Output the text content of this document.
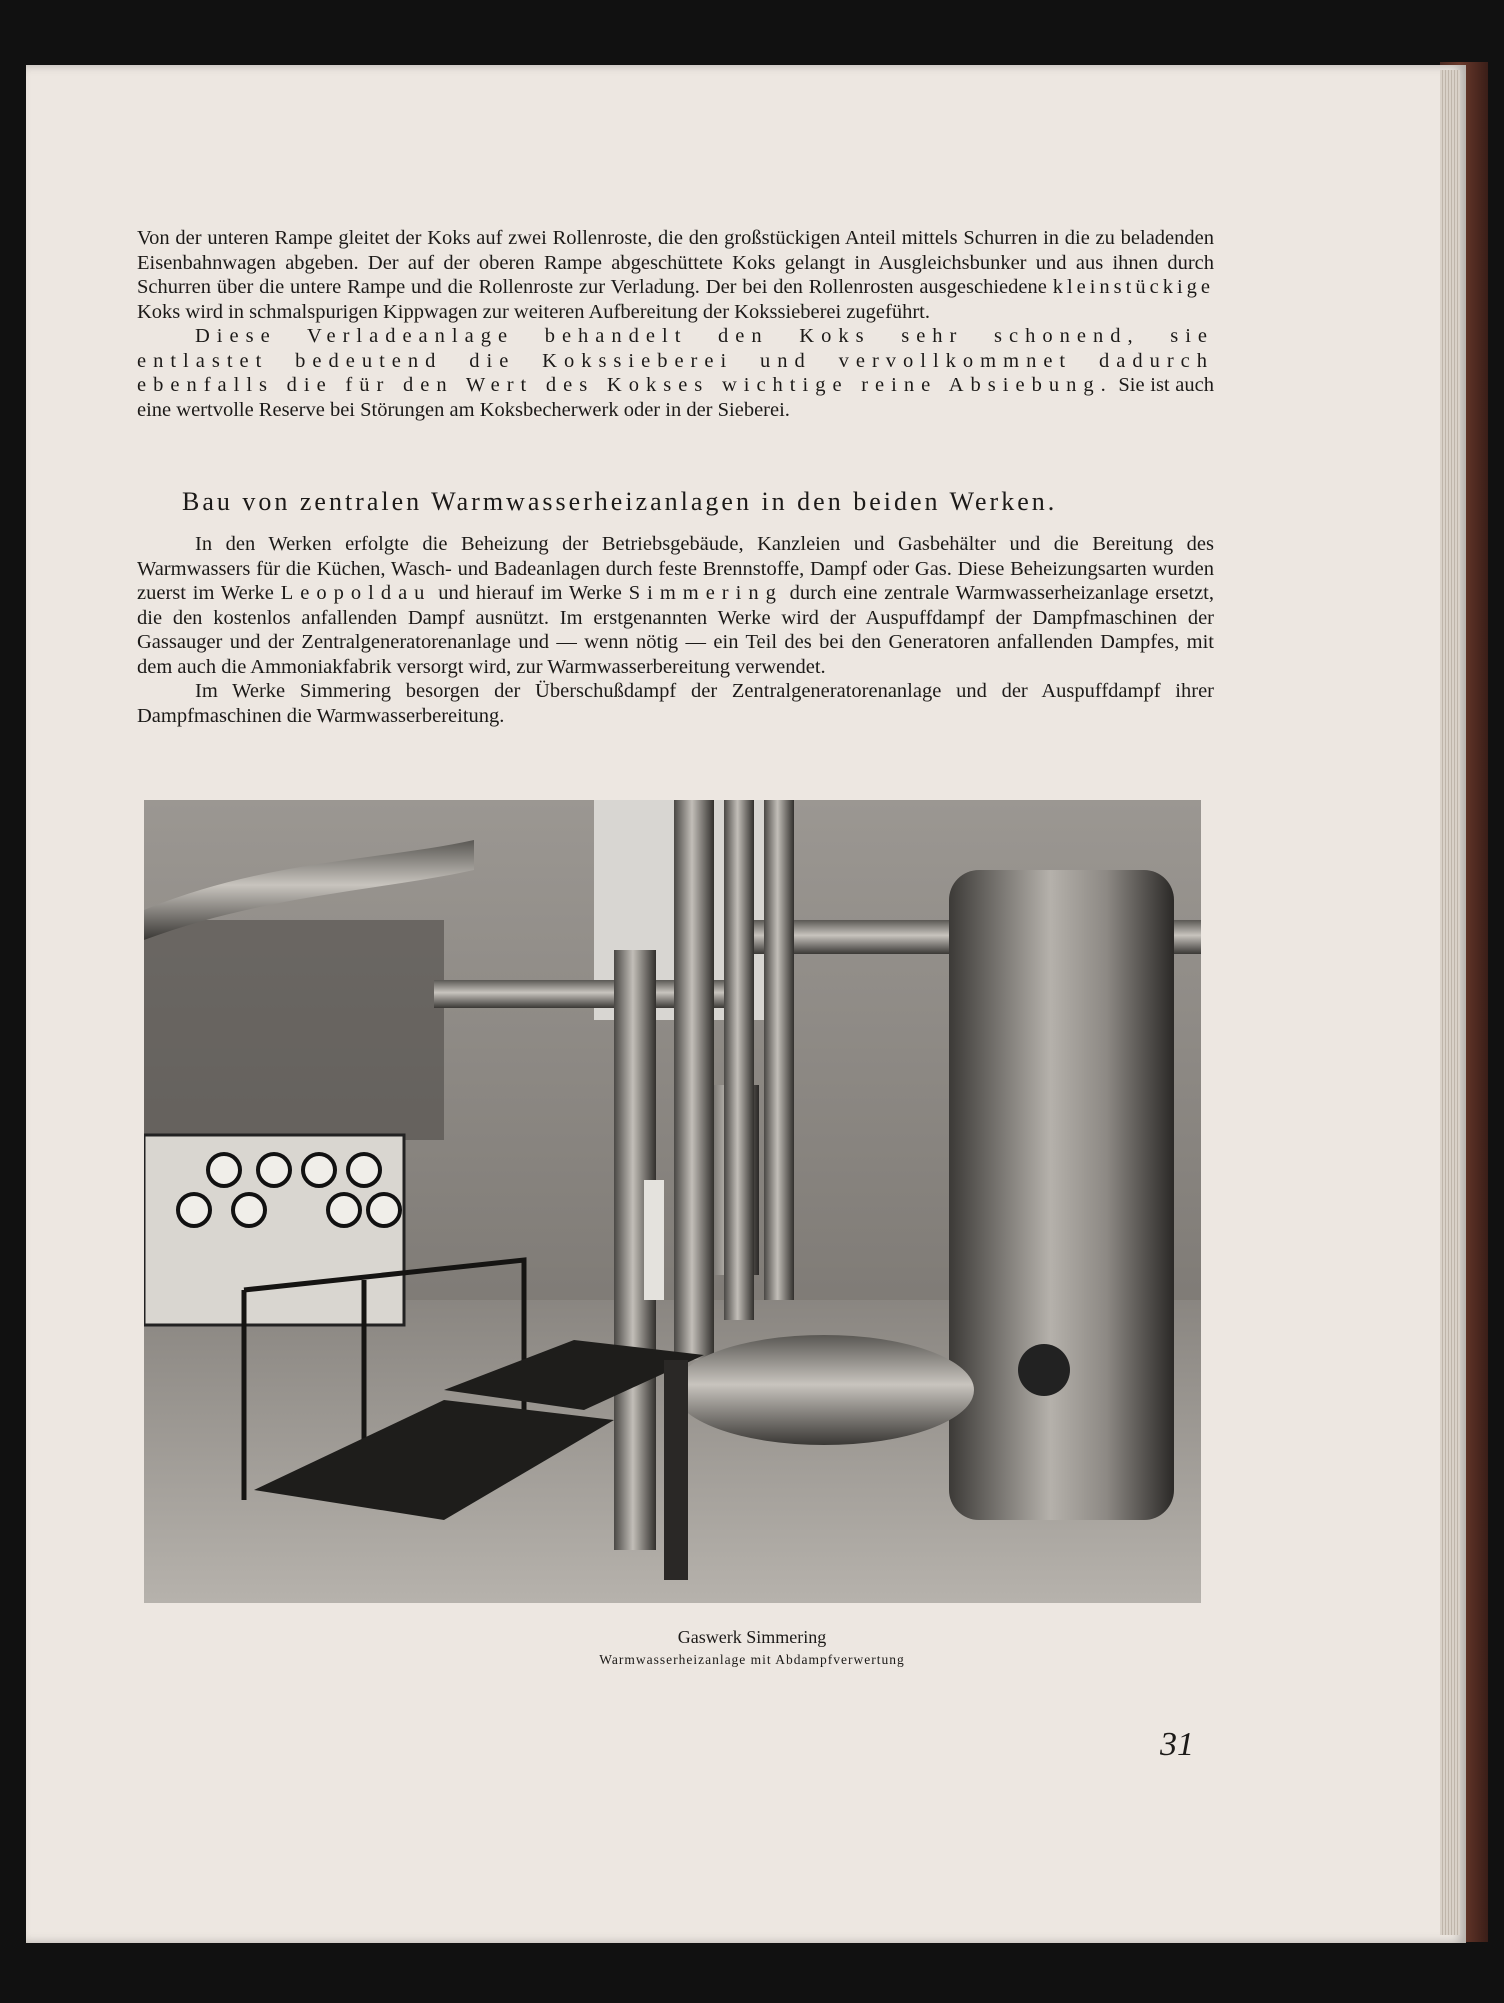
Von der unteren Rampe gleitet der Koks auf zwei Rollenroste, die den großstückigen Anteil mittels Schurren in die zu beladenden Eisenbahnwagen abgeben. Der auf der oberen Rampe abgeschüttete Koks gelangt in Ausgleichsbunker und aus ihnen durch Schurren über die untere Rampe und die Rollenroste zur Verladung. Der bei den Rollenrosten ausgeschiedene kleinstückige Koks wird in schmalspurigen Kippwagen zur weiteren Aufbereitung der Kokssieberei zugeführt.

Diese Verladeanlage behandelt den Koks sehr schonend, sie entlastet bedeutend die Kokssieberei und vervollkommnet dadurch ebenfalls die für den Wert des Kokses wichtige reine Absiebung. Sie ist auch eine wertvolle Reserve bei Störungen am Koksbecherwerk oder in der Sieberei.

Bau von zentralen Warmwasserheizanlagen in den beiden Werken.

In den Werken erfolgte die Beheizung der Betriebsgebäude, Kanzleien und Gasbehälter und die Bereitung des Warmwassers für die Küchen, Wasch- und Badeanlagen durch feste Brennstoffe, Dampf oder Gas. Diese Beheizungsarten wurden zuerst im Werke Leopoldau und hierauf im Werke Simmering durch eine zentrale Warmwasserheizanlage ersetzt, die den kostenlos anfallenden Dampf ausnützt. Im erstgenannten Werke wird der Auspuffdampf der Dampfmaschinen der Gassauger und der Zentralgeneratorenanlage und — wenn nötig — ein Teil des bei den Generatoren anfallenden Dampfes, mit dem auch die Ammoniakfabrik versorgt wird, zur Warmwasserbereitung verwendet.

Im Werke Simmering besorgen der Überschußdampf der Zentralgeneratorenanlage und der Auspuffdampf ihrer Dampfmaschinen die Warmwasserbereitung.

Gaswerk Simmering
Warmwasserheizanlage mit Abdampfverwertung
31
